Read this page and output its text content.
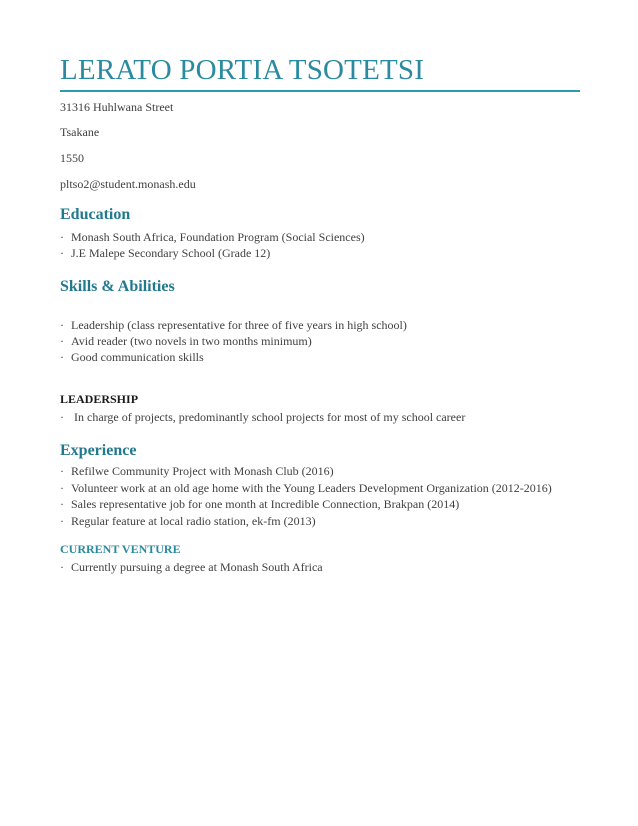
LERATO PORTIA TSOTETSI
31316 Huhlwana Street
Tsakane
1550
pltso2@student.monash.edu
Education
· Monash South Africa, Foundation Program (Social Sciences)
· J.E Malepe Secondary School (Grade 12)
Skills & Abilities
· Leadership (class representative for three of five years in high school)
· Avid reader (two novels in two months minimum)
· Good communication skills
LEADERSHIP
· In charge of projects, predominantly school projects for most of my school career
Experience
· Refilwe Community Project with Monash Club (2016)
· Volunteer work at an old age home with the Young Leaders Development Organization (2012-2016)
· Sales representative job for one month at Incredible Connection, Brakpan (2014)
· Regular feature at local radio station, ek-fm (2013)
CURRENT VENTURE
· Currently pursuing a degree at Monash South Africa
